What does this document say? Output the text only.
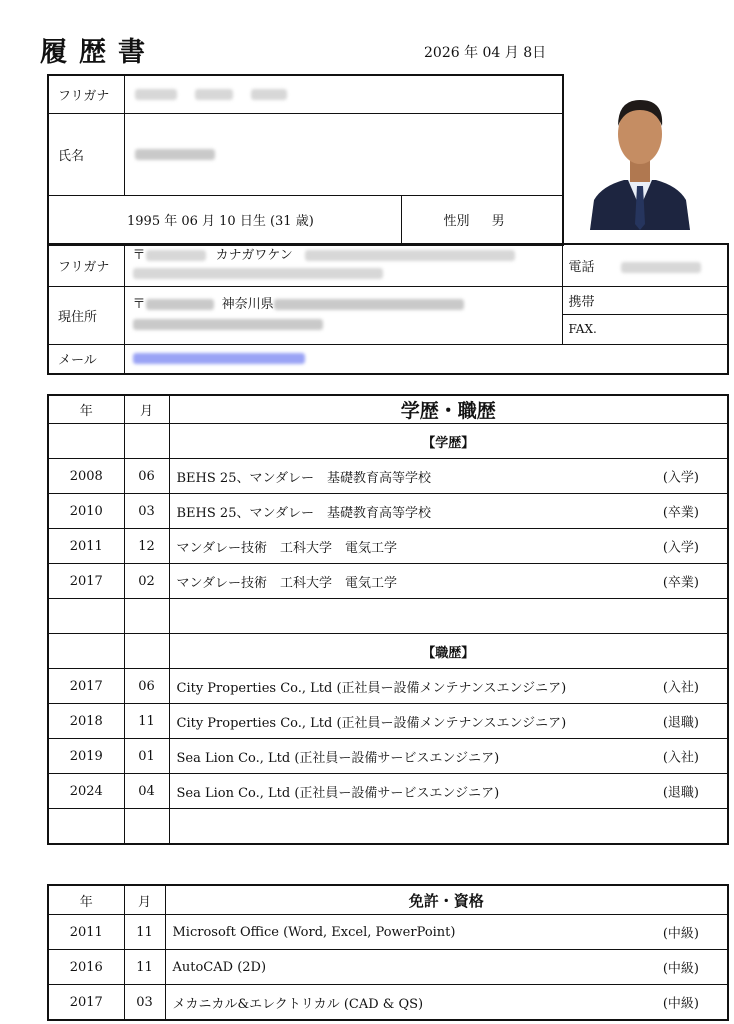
履歴書	2026 年 04 月 8日
フリガナ		
氏名		
1995 年 06 月 10 日生 (31 歳)		性別 男
フリガナ	〒 カナガワケン	電話
現住所	〒 神奈川県	携帯
		FAX.
メール		
年	月	学歴・職歴
		【学歴】
2008	06	BEHS 25、マンダレー　基礎教育高等学校 (入学)

2010	03	BEHS 25、マンダレー　基礎教育高等学校 (卒業)

2011	12	マンダレー技術　工科大学　電気工学 (入学)

2017	02	マンダレー技術　工科大学　電気工学 (卒業)

		【職歴】
2017	06	City Properties Co., Ltd (正社員ー設備メンテナンスエンジニア) (入社)

2018	11	City Properties Co., Ltd (正社員ー設備メンテナンスエンジニア) (退職)

2019	01	Sea Lion Co., Ltd (正社員ー設備サービスエンジニア) (入社)

2024	04	Sea Lion Co., Ltd (正社員ー設備サービスエンジニア) (退職)

年	月	免許・資格
2011	11	Microsoft Office (Word, Excel, PowerPoint) (中級)

2016	11	AutoCAD (2D) (中級)

2017	03	メカニカル&エレクトリカル (CAD & QS) (中級)
